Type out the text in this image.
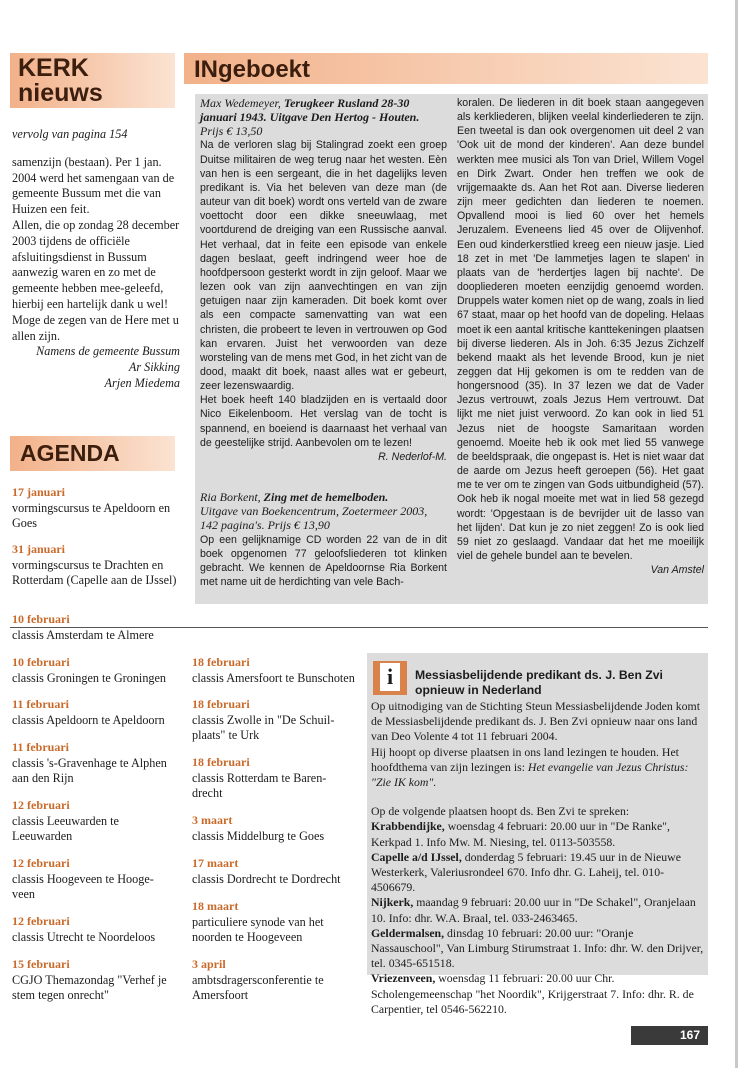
KERK
nieuws

vervolg van pagina 154

samenzijn (bestaan). Per 1 jan. 2004 werd het samengaan van de gemeente Bussum met die van Huizen een feit.

Allen, die op zondag 28 december 2003 tijdens de officiële afsluitingsdienst in Bussum aanwezig waren en zo met de gemeente hebben mee-geleefd, hierbij een hartelijk dank u wel!

Moge de zegen van de Here met u allen zijn.

Namens de gemeente Bussum

Ar Sikking

Arjen Miedema

INgeboekt

Max Wedemeyer, Terugkeer Rusland 28-30 januari 1943. Uitgave Den Hertog - Houten.

Prijs € 13,50

Na de verloren slag bij Stalingrad zoekt een groep Duitse militairen de weg terug naar het westen. Eèn van hen is een sergeant, die in het dagelijks leven predikant is. Via het beleven van deze man (de auteur van dit boek) wordt ons verteld van de zware voettocht door een dikke sneeuwlaag, met voortdurend de dreiging van een Russische aanval. Het verhaal, dat in feite een episode van enkele dagen beslaat, geeft indringend weer hoe de hoofdpersoon gesterkt wordt in zijn geloof. Maar we lezen ook van zijn aanvechtingen en van zijn getuigen naar zijn kameraden. Dit boek komt over als een compacte samenvatting van wat een christen, die probeert te leven in vertrouwen op God kan ervaren. Juist het verwoorden van deze worsteling van de mens met God, in het zicht van de dood, maakt dit boek, naast alles wat er gebeurt, zeer lezenswaardig.

Het boek heeft 140 bladzijden en is vertaald door Nico Eikelenboom. Het verslag van de tocht is spannend, en boeiend is daarnaast het verhaal van de geestelijke strijd. Aanbevolen om te lezen!

R. Nederlof-M.

Ria Borkent, Zing met de hemelboden.

Uitgave van Boekencentrum, Zoetermeer 2003, 142 pagina's. Prijs € 13,90

Op een gelijknamige CD worden 22 van de in dit boek opgenomen 77 geloofsliederen tot klinken gebracht. We kennen de Apeldoornse Ria Borkent met name uit de herdichting van vele Bach-

koralen. De liederen in dit boek staan aangegeven als kerkliederen, blijken veelal kinderliederen te zijn. Een tweetal is dan ook overgenomen uit deel 2 van 'Ook uit de mond der kinderen'. Aan deze bundel werkten mee musici als Ton van Driel, Willem Vogel en Dirk Zwart. Onder hen treffen we ook de vrijgemaakte ds. Aan het Rot aan. Diverse liederen zijn meer gedichten dan liederen te noemen. Opvallend mooi is lied 60 over het hemels Jeruzalem. Eveneens lied 45 over de Olijvenhof. Een oud kinderkerstlied kreeg een nieuw jasje. Lied 18 zet in met 'De lammetjes lagen te slapen' in plaats van de 'herdertjes lagen bij nachte'. De doopliederen moeten eenzijdig genoemd worden. Druppels water komen niet op de wang, zoals in lied 67 staat, maar op het hoofd van de dopeling. Helaas moet ik een aantal kritische kanttekeningen plaatsen bij diverse liederen. Als in Joh. 6:35 Jezus Zichzelf bekend maakt als het levende Brood, kun je niet zeggen dat Hij gekomen is om te redden van de hongersnood (35). In 37 lezen we dat de Vader Jezus vertrouwt, zoals Jezus Hem vertrouwt. Dat lijkt me niet juist verwoord. Zo kan ook in lied 51 Jezus niet de hoogste Samaritaan worden genoemd. Moeite heb ik ook met lied 55 vanwege de beeldspraak, die ongepast is. Het is niet waar dat de aarde om Jezus heeft geroepen (56). Het gaat me te ver om te zingen van Gods uitbundigheid (57). Ook heb ik nogal moeite met wat in lied 58 gezegd wordt: 'Opgestaan is de bevrijder uit de lasso van het lijden'. Dat kun je zo niet zeggen! Zo is ook lied 59 niet zo geslaagd. Vandaar dat het me moeilijk viel de gehele bundel aan te bevelen.

Van Amstel

AGENDA
17 januari
vormingscursus te Apeldoorn en Goes
31 januari
vormingscursus te Drachten en Rotterdam (Capelle aan de IJssel)
10 februari
classis Amsterdam te Almere
10 februari
classis Groningen te Groningen
11 februari
classis Apeldoorn te Apeldoorn
11 februari
classis 's-Gravenhage te Alphen aan den Rijn
12 februari
classis Leeuwarden te Leeuwarden
12 februari
classis Hoogeveen te Hooge-veen
12 februari
classis Utrecht te Noordeloos
15 februari
CGJO Themazondag "Verhef je stem tegen onrecht"
18 februari
classis Amersfoort te Bunschoten
18 februari
classis Zwolle in "De Schuil-plaats" te Urk
18 februari
classis Rotterdam te Baren-drecht
3 maart
classis Middelburg te Goes
17 maart
classis Dordrecht te Dordrecht
18 maart
particuliere synode van het noorden te Hoogeveen
3 april
ambtsdragersconferentie te Amersfoort
i	Messiasbelijdende predikant ds. J. Ben Zvi opnieuw in Nederland

Op uitnodiging van de Stichting Steun Messiasbelijdende Joden komt de Messiasbelijdende predikant ds. J. Ben Zvi opnieuw naar ons land van Deo Volente 4 tot 11 februari 2004.

Hij hoopt op diverse plaatsen in ons land lezingen te houden. Het hoofdthema van zijn lezingen is: Het evangelie van Jezus Christus: "Zie IK kom".

Op de volgende plaatsen hoopt ds. Ben Zvi te spreken:

Krabbendijke, woensdag 4 februari: 20.00 uur in "De Ranke", Kerkpad 1. Info Mw. M. Niesing, tel. 0113-503558.

Capelle a/d IJssel, donderdag 5 februari: 19.45 uur in de Nieuwe Westerkerk, Valeriusrondeel 670. Info dhr. G. Laheij, tel. 010-4506679.

Nijkerk, maandag 9 februari: 20.00 uur in "De Schakel", Oranjelaan 10. Info: dhr. W.A. Braal, tel. 033-2463465.

Geldermalsen, dinsdag 10 februari: 20.00 uur: "Oranje Nassauschool", Van Limburg Stirumstraat 1. Info: dhr. W. den Drijver, tel. 0345-651518.

Vriezenveen, woensdag 11 februari: 20.00 uur Chr. Scholengemeenschap "het Noordik", Krijgerstraat 7. Info: dhr. R. de Carpentier, tel 0546-562210.

167
